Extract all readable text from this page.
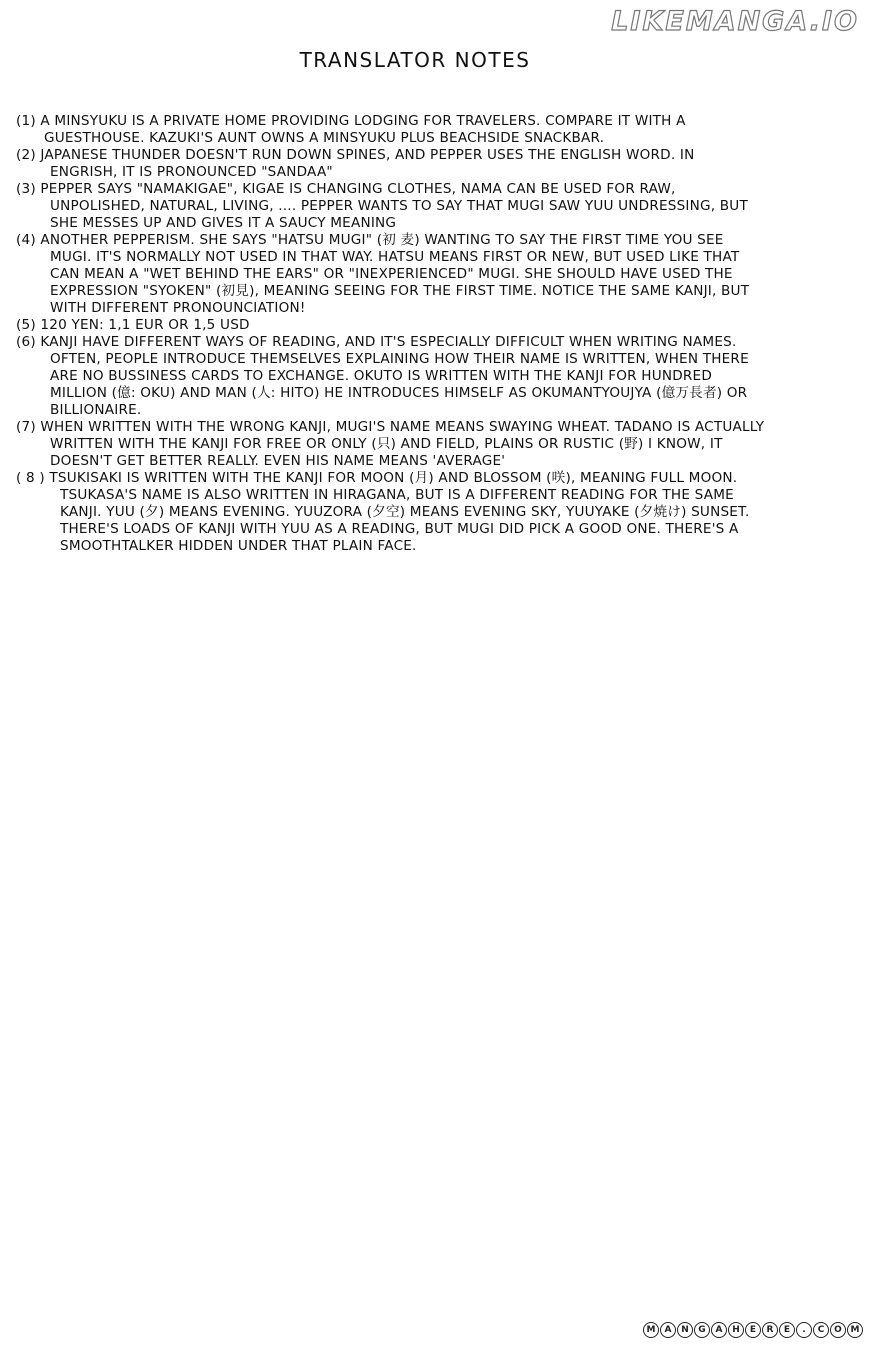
LIKEMANGA.IO
TRANSLATOR NOTES
(1) A MINSYUKU IS A PRIVATE HOME PROVIDING LODGING FOR TRAVELERS. COMPARE IT WITH A
GUESTHOUSE. KAZUKI'S AUNT OWNS A MINSYUKU PLUS BEACHSIDE SNACKBAR.
(2) JAPANESE THUNDER DOESN'T RUN DOWN SPINES, AND PEPPER USES THE ENGLISH WORD. IN
ENGRISH, IT IS PRONOUNCED "SANDAA"
(3) PEPPER SAYS "NAMAKIGAE", KIGAE IS CHANGING CLOTHES, NAMA CAN BE USED FOR RAW,
UNPOLISHED, NATURAL, LIVING, .... PEPPER WANTS TO SAY THAT MUGI SAW YUU UNDRESSING, BUT
SHE MESSES UP AND GIVES IT A SAUCY MEANING
(4) ANOTHER PEPPERISM. SHE SAYS "HATSU MUGI" (初 麦) WANTING TO SAY THE FIRST TIME YOU SEE
MUGI. IT'S NORMALLY NOT USED IN THAT WAY. HATSU MEANS FIRST OR NEW, BUT USED LIKE THAT
CAN MEAN A "WET BEHIND THE EARS" OR "INEXPERIENCED" MUGI. SHE SHOULD HAVE USED THE
EXPRESSION "SYOKEN" (初見), MEANING SEEING FOR THE FIRST TIME. NOTICE THE SAME KANJI, BUT
WITH DIFFERENT PRONOUNCIATION!
(5) 120 YEN: 1,1 EUR OR 1,5 USD
(6) KANJI HAVE DIFFERENT WAYS OF READING, AND IT'S ESPECIALLY DIFFICULT WHEN WRITING NAMES.
OFTEN, PEOPLE INTRODUCE THEMSELVES EXPLAINING HOW THEIR NAME IS WRITTEN, WHEN THERE
ARE NO BUSSINESS CARDS TO EXCHANGE. OKUTO IS WRITTEN WITH THE KANJI FOR HUNDRED
MILLION (億: OKU) AND MAN (人: HITO) HE INTRODUCES HIMSELF AS OKUMANTYOUJYA (億万長者) OR
BILLIONAIRE.
(7) WHEN WRITTEN WITH THE WRONG KANJI, MUGI'S NAME MEANS SWAYING WHEAT. TADANO IS ACTUALLY
WRITTEN WITH THE KANJI FOR FREE OR ONLY (只) AND FIELD, PLAINS OR RUSTIC (野) I KNOW, IT
DOESN'T GET BETTER REALLY. EVEN HIS NAME MEANS 'AVERAGE'
( 8 ) TSUKISAKI IS WRITTEN WITH THE KANJI FOR MOON (月) AND BLOSSOM (咲), MEANING FULL MOON.
TSUKASA'S NAME IS ALSO WRITTEN IN HIRAGANA, BUT IS A DIFFERENT READING FOR THE SAME
KANJI. YUU (夕) MEANS EVENING. YUUZORA (夕空) MEANS EVENING SKY, YUUYAKE (夕焼け) SUNSET.
THERE'S LOADS OF KANJI WITH YUU AS A READING, BUT MUGI DID PICK A GOOD ONE. THERE'S A
SMOOTHTALKER HIDDEN UNDER THAT PLAIN FACE.
M	A	N	G	A	H	E	R	E	.	C	O M
